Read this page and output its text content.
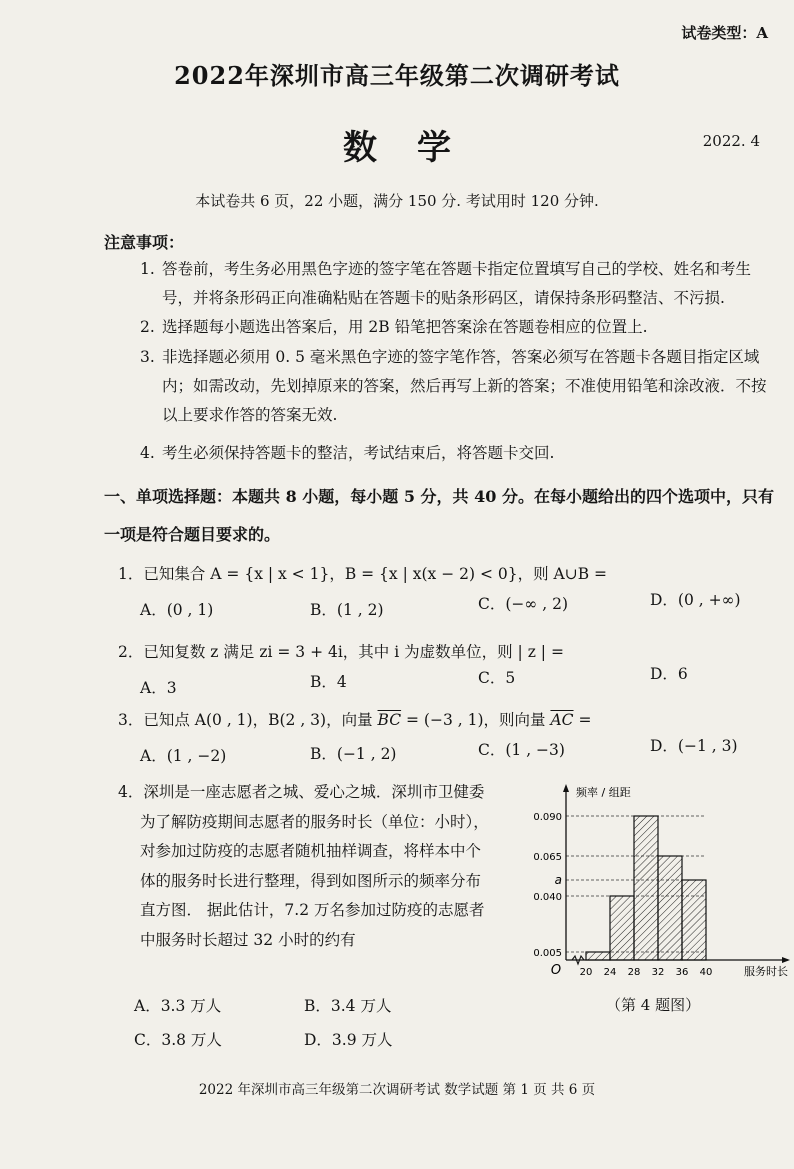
试卷类型：A
2022年深圳市高三年级第二次调研考试
数学	2022. 4
本试卷共 6 页，22 小题，满分 150 分. 考试用时 120 分钟.
注意事项：
1. 答卷前，考生务必用黑色字迹的签字笔在答题卡指定位置填写自己的学校、姓名和考生号，并将条形码正向准确粘贴在答题卡的贴条形码区，请保持条形码整洁、不污损.
2. 选择题每小题选出答案后，用 2B 铅笔把答案涂在答题卷相应的位置上.
3. 非选择题必须用 0. 5 毫米黑色字迹的签字笔作答，答案必须写在答题卡各题目指定区域内；如需改动，先划掉原来的答案，然后再写上新的答案；不准使用铅笔和涂改液．不按以上要求作答的答案无效.
4. 考生必须保持答题卡的整洁，考试结束后，将答题卡交回.
一、单项选择题：本题共 8 小题，每小题 5 分，共 40 分。在每小题给出的四个选项中，只有一项是符合题目要求的。
1．已知集合 A = {x | x < 1}，B = {x | x(x − 2) < 0}，则 A∪B =
A．(0 , 1)	B．(1 , 2)	C．(−∞ , 2)	D．(0 , +∞)
2．已知复数 z 满足 zi = 3 + 4i，其中 i 为虚数单位，则 | z | =
A．3	B．4	C．5	D．6
3．已知点 A(0 , 1)，B(2 , 3)，向量 $\overline{BC} = (-3$ , 1)，则向量 $\overline{AC}$ =
A．(1 , −2)	B．(−1 , 2)	C．(1 , −3)	D．(−1 , 3)
4．深圳是一座志愿者之城、爱心之城．深圳市卫健委
为了解防疫期间志愿者的服务时长（单位：小时），
对参加过防疫的志愿者随机抽样调查，将样本中个
体的服务时长进行整理，得到如图所示的频率分布
直方图． 据此估计，7.2 万名参加过防疫的志愿者
中服务时长超过 32 小时的约有
A．3.3 万人	B．3.4 万人
C．3.8 万人	D．3.9 万人
0.005
0.040
a
0.065
0.090
20 24 28 32 36 40
O
频率 / 组距
服务时长
（第 4 题图）
2022 年深圳市高三年级第二次调研考试 数学试题 第 1 页 共 6 页
